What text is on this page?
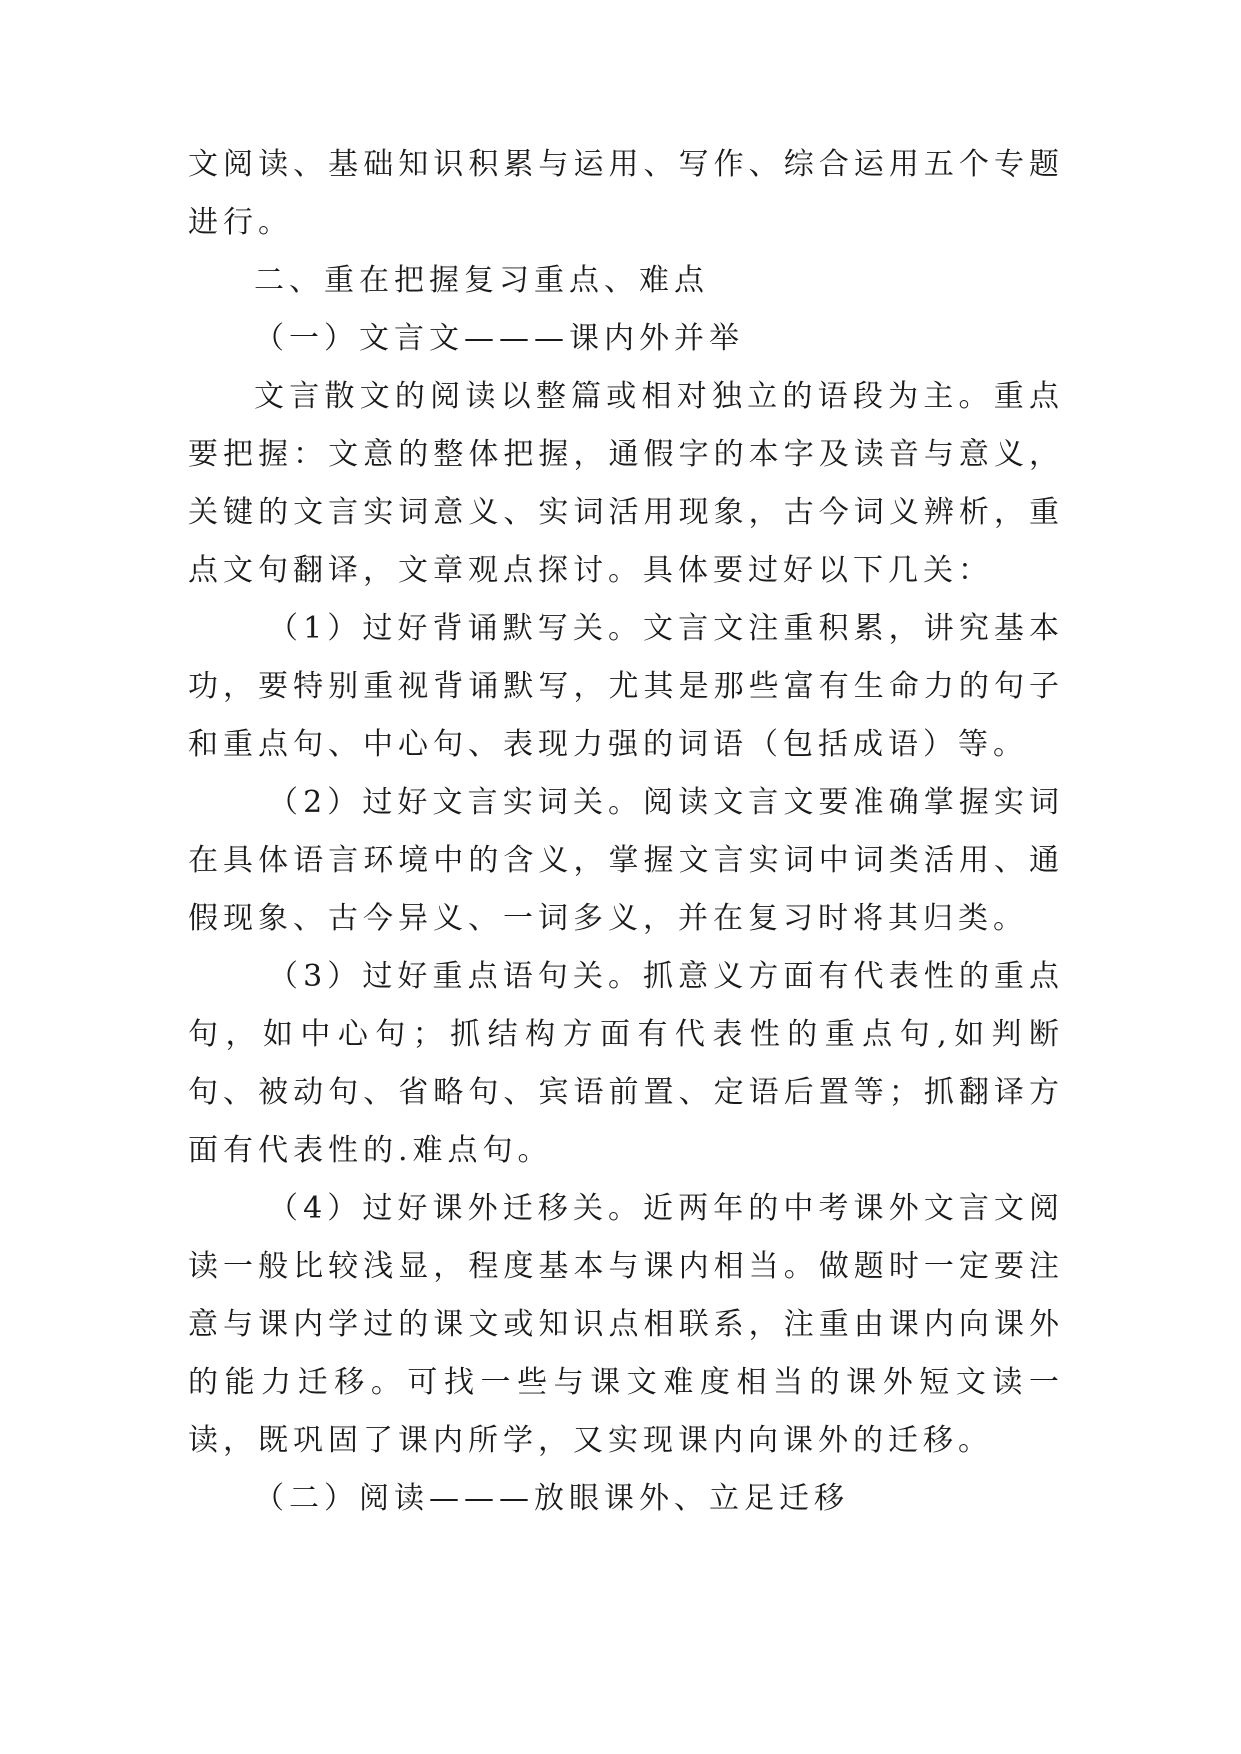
文阅读、基础知识积累与运用、写作、综合运用五个专题进行。

二、重在把握复习重点、难点

（一）文言文———课内外并举

文言散文的阅读以整篇或相对独立的语段为主。重点要把握：文意的整体把握，通假字的本字及读音与意义，关键的文言实词意义、实词活用现象，古今词义辨析，重点文句翻译，文章观点探讨。具体要过好以下几关：

（1）过好背诵默写关。文言文注重积累，讲究基本功，要特别重视背诵默写，尤其是那些富有生命力的句子和重点句、中心句、表现力强的词语（包括成语）等。

（2）过好文言实词关。阅读文言文要准确掌握实词在具体语言环境中的含义，掌握文言实词中词类活用、通假现象、古今异义、一词多义，并在复习时将其归类。

（3）过好重点语句关。抓意义方面有代表性的重点句，如中心句；抓结构方面有代表性的重点句,如判断句、被动句、省略句、宾语前置、定语后置等；抓翻译方面有代表性的.难点句。

（4）过好课外迁移关。近两年的中考课外文言文阅读一般比较浅显，程度基本与课内相当。做题时一定要注意与课内学过的课文或知识点相联系，注重由课内向课外的能力迁移。可找一些与课文难度相当的课外短文读一读，既巩固了课内所学，又实现课内向课外的迁移。

（二）阅读———放眼课外、立足迁移
